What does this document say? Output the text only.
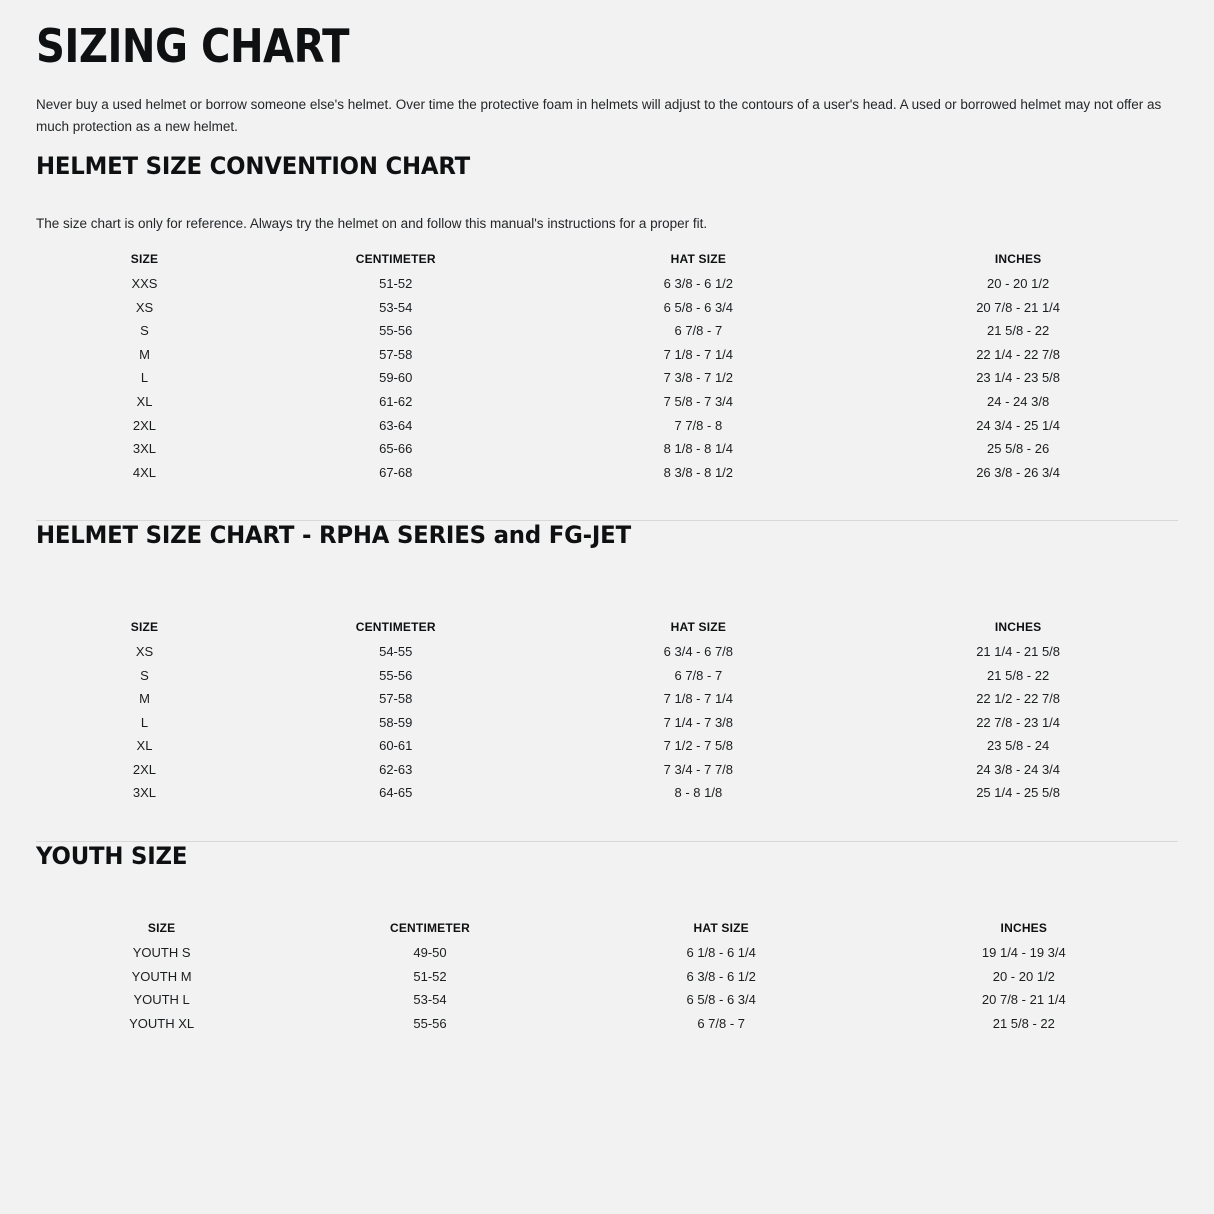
SIZING CHART

Never buy a used helmet or borrow someone else's helmet. Over time the protective foam in helmets will adjust to the contours of a user's head. A used or borrowed helmet may not offer as much protection as a new helmet.

HELMET SIZE CONVENTION CHART

The size chart is only for reference. Always try the helmet on and follow this manual's instructions for a proper fit.

SIZE	CENTIMETER	HAT SIZE	INCHES
XXS	51-52	6 3/8 - 6 1/2	20 - 20 1/2
XS	53-54	6 5/8 - 6 3/4	20 7/8 - 21 1/4
S	55-56	6 7/8 - 7	21 5/8 - 22
M	57-58	7 1/8 - 7 1/4	22 1/4 - 22 7/8
L	59-60	7 3/8 - 7 1/2	23 1/4 - 23 5/8
XL	61-62	7 5/8 - 7 3/4	24 - 24 3/8
2XL	63-64	7 7/8 - 8	24 3/4 - 25 1/4
3XL	65-66	8 1/8 - 8 1/4	25 5/8 - 26
4XL	67-68	8 3/8 - 8 1/2	26 3/8 - 26 3/4
HELMET SIZE CHART - RPHA SERIES and FG-JET
SIZE	CENTIMETER	HAT SIZE	INCHES
XS	54-55	6 3/4 - 6 7/8	21 1/4 - 21 5/8
S	55-56	6 7/8 - 7	21 5/8 - 22
M	57-58	7 1/8 - 7 1/4	22 1/2 - 22 7/8
L	58-59	7 1/4 - 7 3/8	22 7/8 - 23 1/4
XL	60-61	7 1/2 - 7 5/8	23 5/8 - 24
2XL	62-63	7 3/4 - 7 7/8	24 3/8 - 24 3/4
3XL	64-65	8 - 8 1/8	25 1/4 - 25 5/8
YOUTH SIZE
SIZE	CENTIMETER	HAT SIZE	INCHES
YOUTH S	49-50	6 1/8 - 6 1/4	19 1/4 - 19 3/4
YOUTH M	51-52	6 3/8 - 6 1/2	20 - 20 1/2
YOUTH L	53-54	6 5/8 - 6 3/4	20 7/8 - 21 1/4
YOUTH XL	55-56	6 7/8 - 7	21 5/8 - 22
